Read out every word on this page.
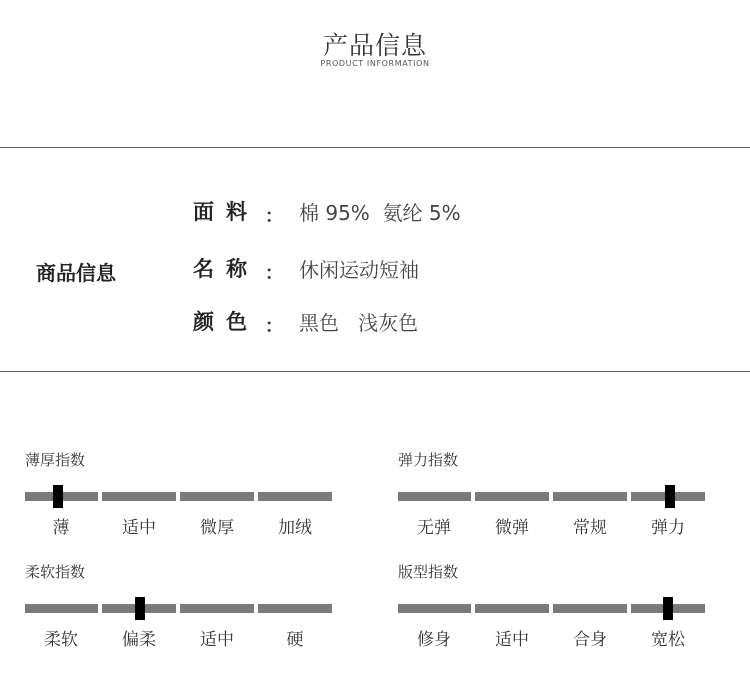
产品信息
PRODUCT INFORMATION
商品信息
面料 ： 棉 95%  氨纶 5%
名称 ： 休闲运动短袖
颜色 ： 黑色   浅灰色
薄厚指数
薄	适中	微厚	加绒
弹力指数
无弹	微弹	常规	弹力
柔软指数
柔软	偏柔	适中	硬
版型指数
修身	适中	合身	宽松
